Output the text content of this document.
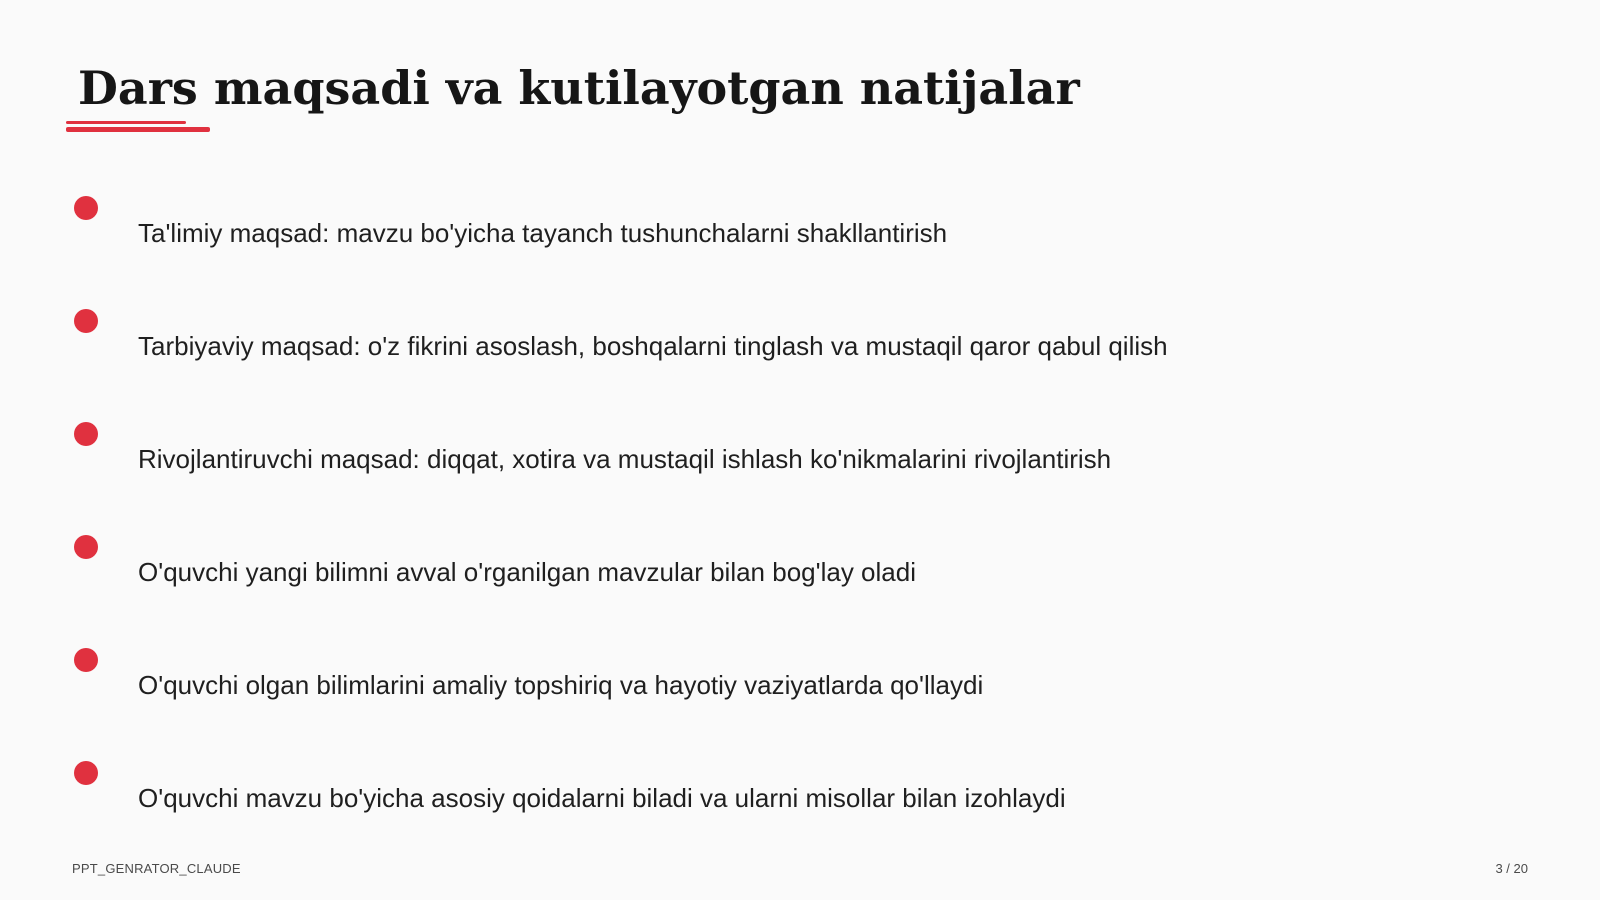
Dars maqsadi va kutilayotgan natijalar
Ta'limiy maqsad: mavzu bo'yicha tayanch tushunchalarni shakllantirish
Tarbiyaviy maqsad: o'z fikrini asoslash, boshqalarni tinglash va mustaqil qaror qabul qilish
Rivojlantiruvchi maqsad: diqqat, xotira va mustaqil ishlash ko'nikmalarini rivojlantirish
O'quvchi yangi bilimni avval o'rganilgan mavzular bilan bog'lay oladi
O'quvchi olgan bilimlarini amaliy topshiriq va hayotiy vaziyatlarda qo'llaydi
O'quvchi mavzu bo'yicha asosiy qoidalarni biladi va ularni misollar bilan izohlaydi
PPT_GENRATOR_CLAUDE	3 / 20
